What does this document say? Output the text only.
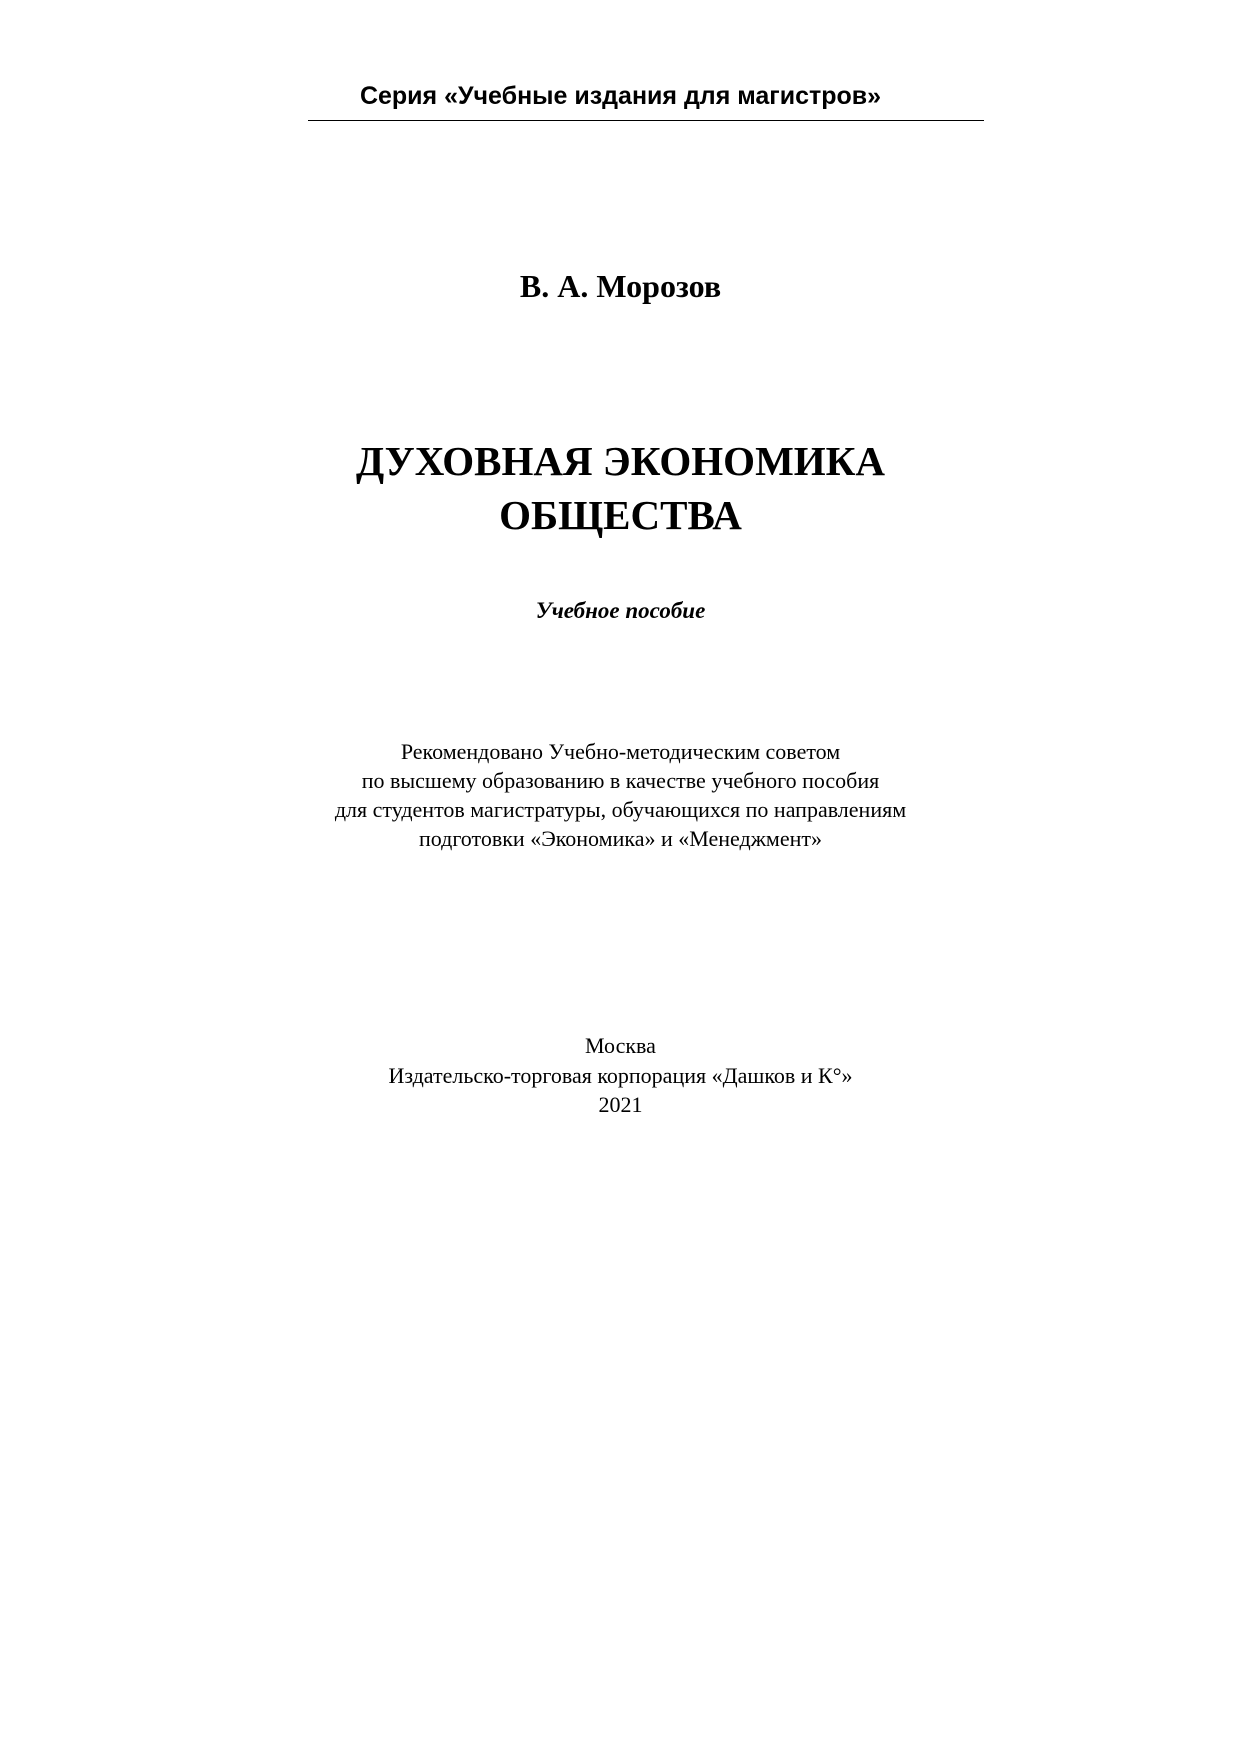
Серия «Учебные издания для магистров»
В. А. Морозов
ДУХОВНАЯ ЭКОНОМИКА
ОБЩЕСТВА
Учебное пособие
Рекомендовано Учебно-методическим советом
по высшему образованию в качестве учебного пособия
для студентов магистратуры, обучающихся по направлениям
подготовки «Экономика» и «Менеджмент»
Москва
Издательско-торговая корпорация «Дашков и К°»
2021
